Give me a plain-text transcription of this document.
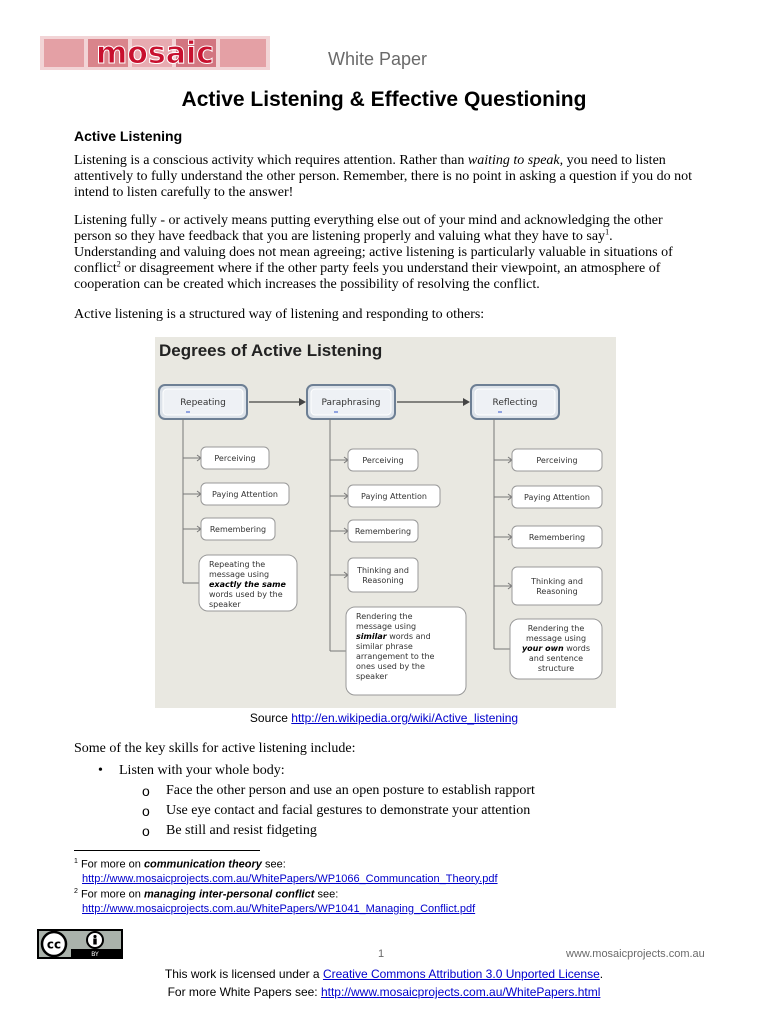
mosaic	White Paper
Active Listening & Effective Questioning
Active Listening
Listening is a conscious activity which requires attention. Rather than waiting to speak, you need to listen attentively to fully understand the other person. Remember, there is no point in asking a question if you do not intend to listen carefully to the answer!
Listening fully - or actively means putting everything else out of your mind and acknowledging the other person so they have feedback that you are listening properly and valuing what they have to say$^1$. Understanding and valuing does not mean agreeing; active listening is particularly valuable in situations of conflict$^2$ or disagreement where if the other party feels you understand their viewpoint, an atmosphere of cooperation can be created which increases the possibility of resolving the conflict.
Active listening is a structured way of listening and responding to others:
Degrees of Active Listening
Repeating
Perceiving
Paying Attention
Remembering
Repeating the
message using
exactly the same
words used by the
speaker
Paraphrasing
Perceiving
Paying Attention
Remembering
Thinking and
Reasoning
Rendering the
message using
similar words and
similar phrase
arrangement to the
ones used by the
speaker
Reflecting
Perceiving
Paying Attention
Remembering
Thinking and
Reasoning
Rendering the
message using
your own words
and sentence
structure
Source http://en.wikipedia.org/wiki/Active_listening
Some of the key skills for active listening include:
• Listen with your whole body:
o Face the other person and use an open posture to establish rapport
o Use eye contact and facial gestures to demonstrate your attention
o Be still and resist fidgeting
$^1$ For more on communication theory see:
http://www.mosaicprojects.com.au/WhitePapers/WP1066_Communcation_Theory.pdf
$^2$ For more on managing inter-personal conflict see:
http://www.mosaicprojects.com.au/WhitePapers/WP1041_Managing_Conflict.pdf
cc
BY	1	www.mosaicprojects.com.au
This work is licensed under a Creative Commons Attribution 3.0 Unported License.
For more White Papers see: http://www.mosaicprojects.com.au/WhitePapers.html
